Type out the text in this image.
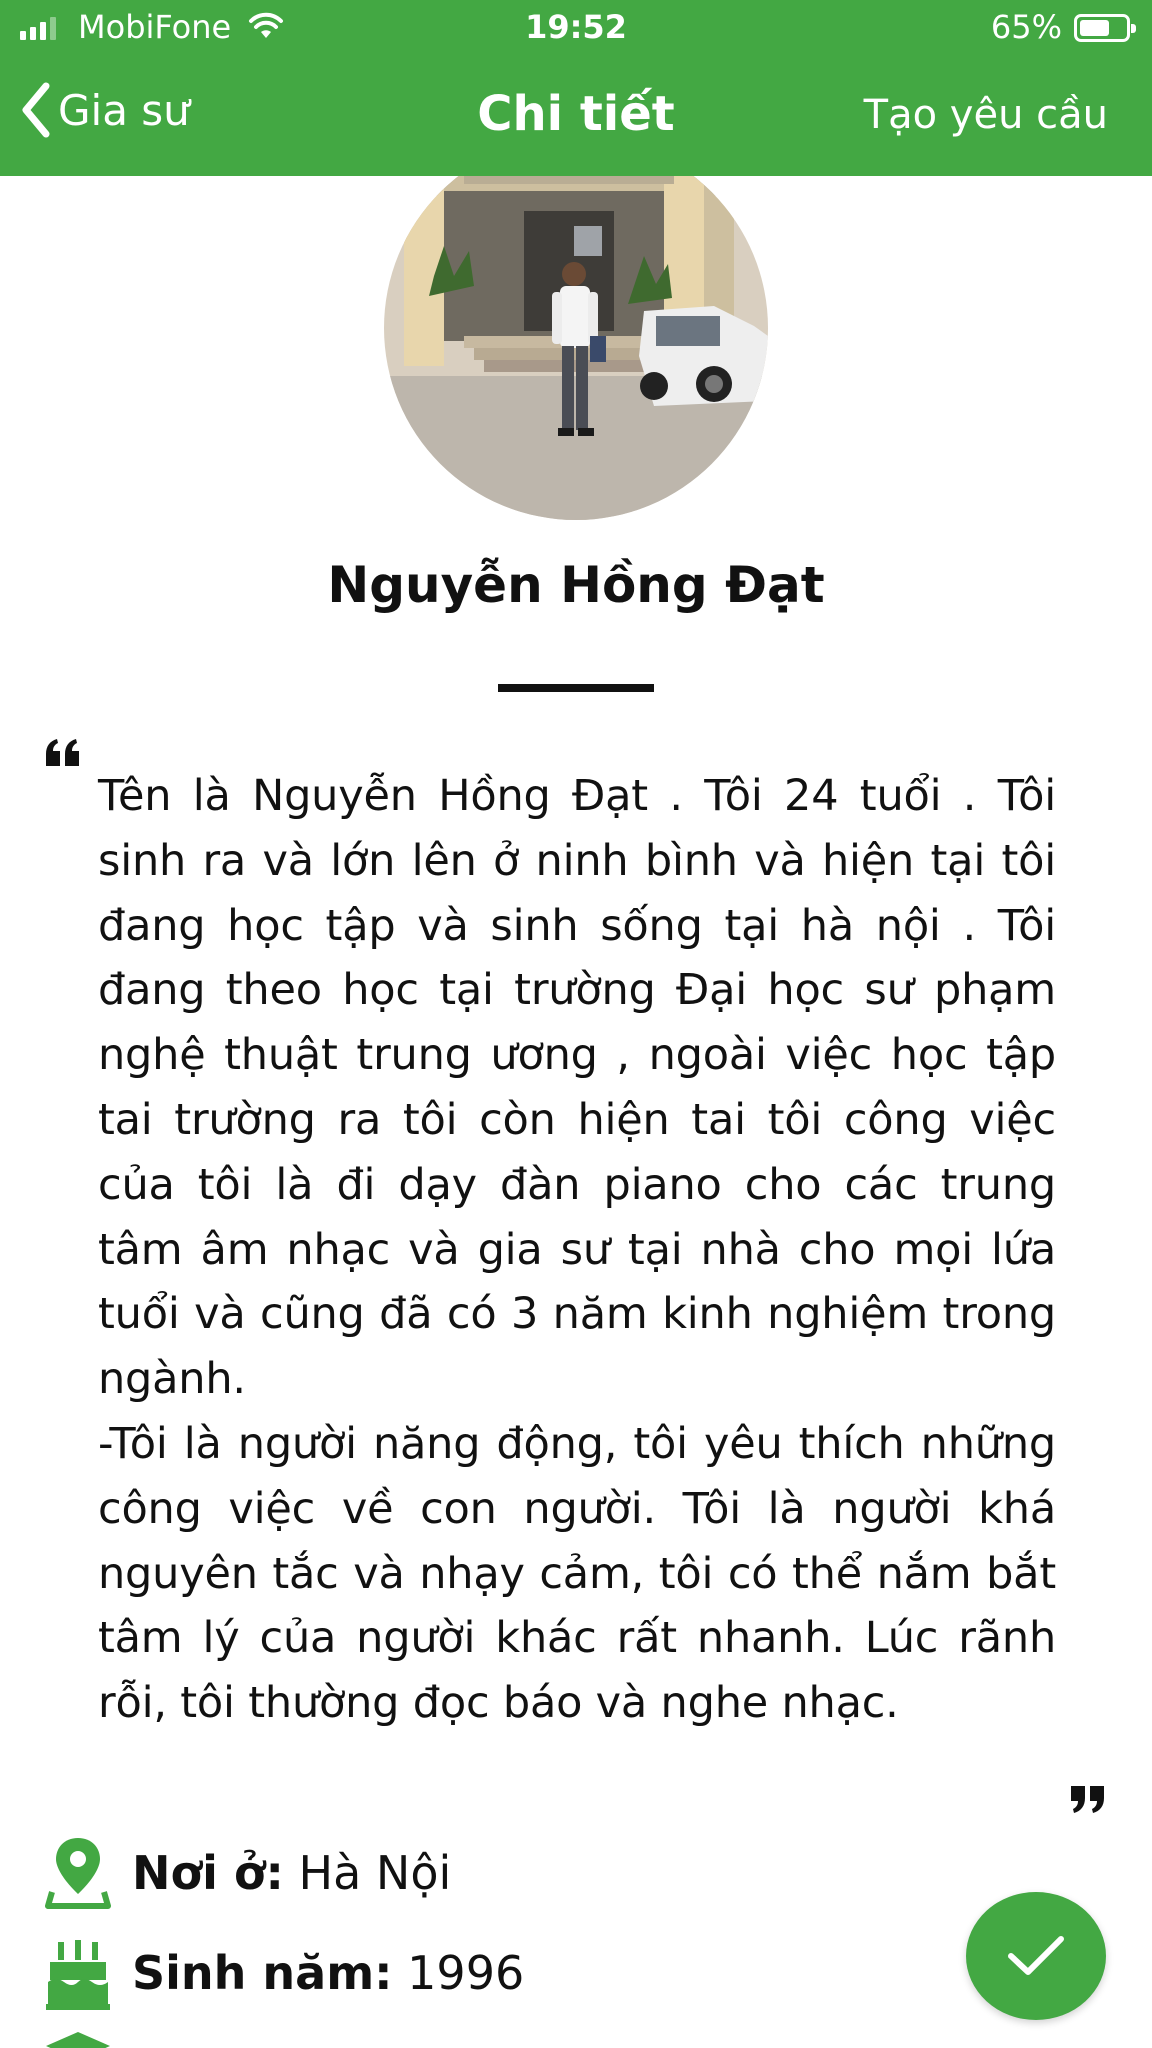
MobiFone	19:52	65%
Gia sư	Chi tiết	Tạo yêu cầu
Nguyễn Hồng Đạt

Tên là Nguyễn Hồng Đạt . Tôi 24 tuổi . Tôi sinh ra và lớn lên ở ninh bình và hiện tại tôi đang học tập và sinh sống tại hà nội . Tôi đang theo học tại trường Đại học sư phạm nghệ thuật trung ương , ngoài việc học tập tai trường ra tôi còn hiện tai tôi công việc của tôi là đi dạy đàn piano cho các trung tâm âm nhạc và gia sư tại nhà cho mọi lứa tuổi và cũng đã có 3 năm kinh nghiệm trong ngành.

-Tôi là người năng động, tôi yêu thích những công việc về con người. Tôi là người khá nguyên tắc và nhạy cảm, tôi có thể nắm bắt tâm lý của người khác rất nhanh. Lúc rãnh rỗi, tôi thường đọc báo và nghe nhạc.

Nơi ở: Hà Nội
Sinh năm: 1996
